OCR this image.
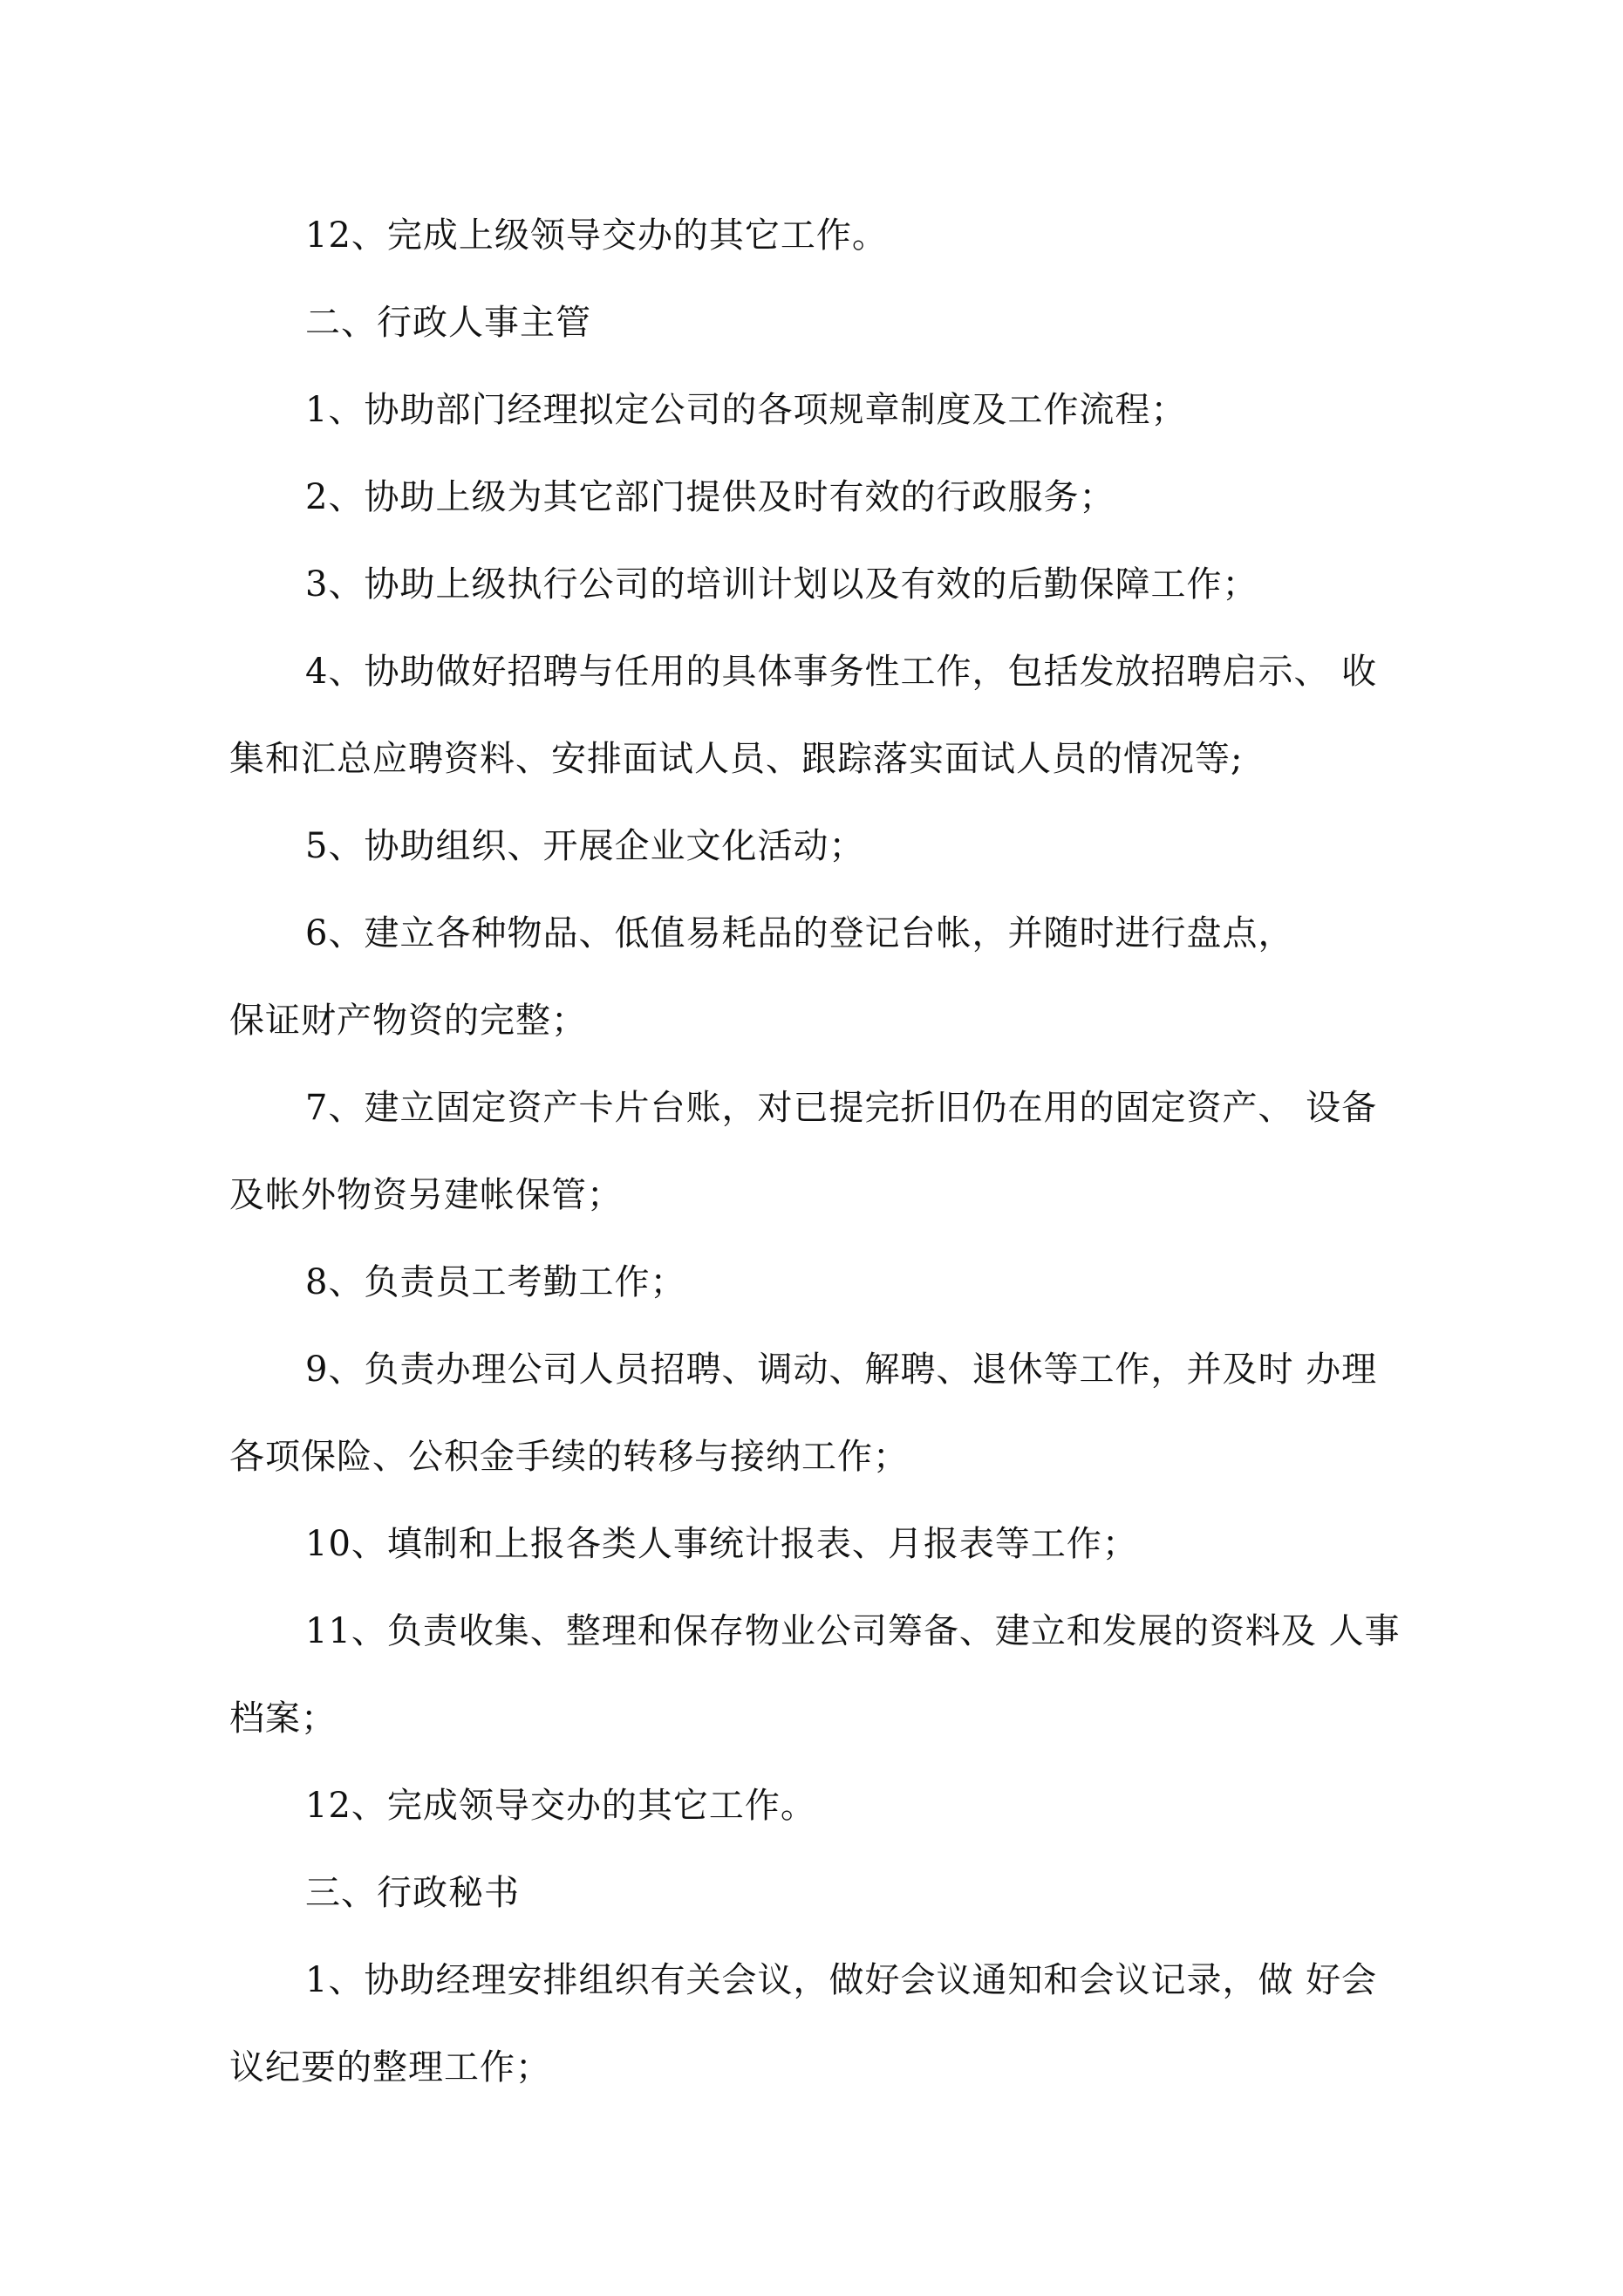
12、完成上级领导交办的其它工作。
二、行政人事主管
1、协助部门经理拟定公司的各项规章制度及工作流程；
2、协助上级为其它部门提供及时有效的行政服务；
3、协助上级执行公司的培训计划以及有效的后勤保障工作；
4、协助做好招聘与任用的具体事务性工作，包括发放招聘启示、 收
集和汇总应聘资料、安排面试人员、跟踪落实面试人员的情况等;
5、协助组织、开展企业文化活动；
6、建立各种物品、低值易耗品的登记台帐，并随时进行盘点，
保证财产物资的完整；
7、建立固定资产卡片台账，对已提完折旧仍在用的固定资产、 设备
及帐外物资另建帐保管；
8、负责员工考勤工作；
9、负责办理公司人员招聘、调动、解聘、退休等工作，并及时 办理
各项保险、公积金手续的转移与接纳工作；
10、填制和上报各类人事统计报表、月报表等工作；
11、负责收集、整理和保存物业公司筹备、建立和发展的资料及 人事
档案；
12、完成领导交办的其它工作。
三、行政秘书
1、协助经理安排组织有关会议，做好会议通知和会议记录，做 好会
议纪要的整理工作；
